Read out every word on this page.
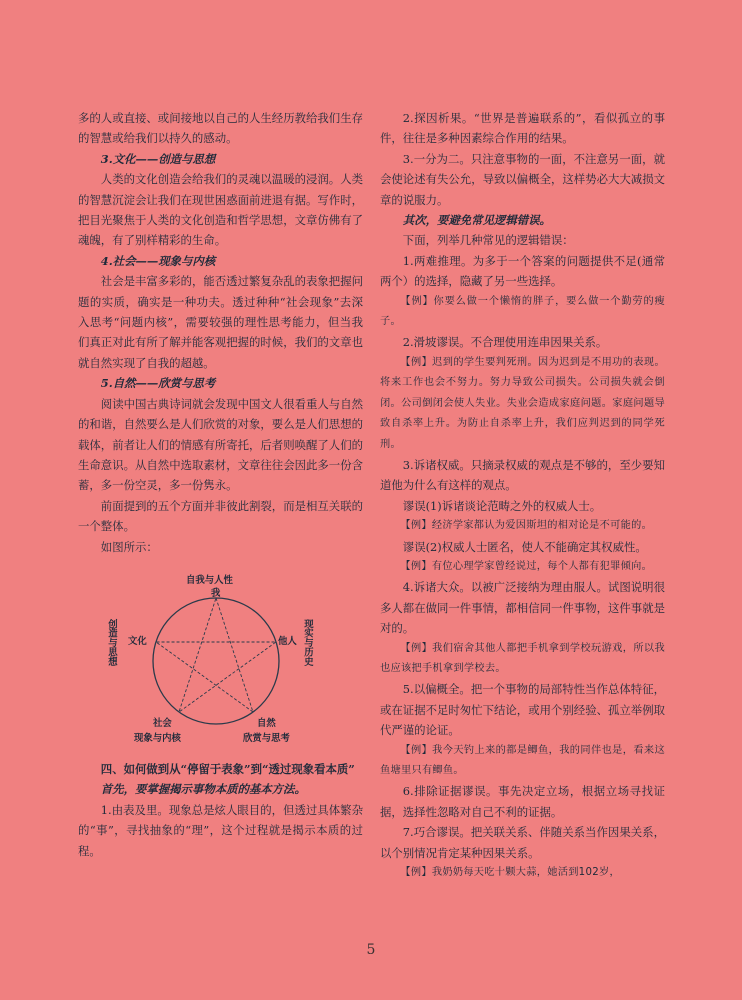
多的人或直接、或间接地以自己的人生经历教给我们生存的智慧或给我们以持久的感动。

3.文化——创造与思想

人类的文化创造会给我们的灵魂以温暖的浸润。人类的智慧沉淀会让我们在现世困惑面前进退有据。写作时，把目光聚焦于人类的文化创造和哲学思想，文章仿佛有了魂魄，有了别样精彩的生命。

4.社会——现象与内核

社会是丰富多彩的，能否透过繁复杂乱的表象把握问题的实质，确实是一种功夫。透过种种“社会现象”去深入思考“问题内核”，需要较强的理性思考能力，但当我们真正对此有所了解并能客观把握的时候，我们的文章也就自然实现了自我的超越。

5.自然——欣赏与思考

阅读中国古典诗词就会发现中国文人很看重人与自然的和谐，自然要么是人们欣赏的对象，要么是人们思想的载体，前者让人们的情感有所寄托，后者则唤醒了人们的生命意识。从自然中选取素材，文章往往会因此多一份含蓄，多一份空灵，多一份隽永。

前面提到的五个方面并非彼此割裂，而是相互关联的一个整体。

如图所示：

自我与人性
我
他人 现实与历史
文化
创造与思想
社会
现象与内核
自然
欣赏与思考

四、如何做到从“停留于表象”到“透过现象看本质”

首先，要掌握揭示事物本质的基本方法。

1.由表及里。现象总是炫人眼目的，但透过具体繁杂的“事”，寻找抽象的“理”，这个过程就是揭示本质的过程。

2.探因析果。“世界是普遍联系的”，看似孤立的事件，往往是多种因素综合作用的结果。

3.一分为二。只注意事物的一面，不注意另一面，就会使论述有失公允，导致以偏概全，这样势必大大减损文章的说服力。

其次，要避免常见逻辑错误。

下面，列举几种常见的逻辑错误：

1.两难推理。为多于一个答案的问题提供不足(通常两个）的选择，隐藏了另一些选择。

【例】你要么做一个懒惰的胖子，要么做一个勤劳的瘦子。

2.滑坡谬误。不合理使用连串因果关系。

【例】迟到的学生要判死刑。因为迟到是不用功的表现。将来工作也会不努力。努力导致公司损失。公司损失就会倒闭。公司倒闭会使人失业。失业会造成家庭问题。家庭问题导致自杀率上升。为防止自杀率上升，我们应判迟到的同学死刑。

3.诉诸权威。只摘录权威的观点是不够的，至少要知道他为什么有这样的观点。

谬误(1)诉诸谈论范畴之外的权威人士。

【例】经济学家都认为爱因斯坦的相对论是不可能的。

谬误(2)权威人士匿名，使人不能确定其权威性。

【例】有位心理学家曾经说过，每个人都有犯罪倾向。

4.诉诸大众。以被广泛接纳为理由服人。试图说明很多人都在做同一件事情，都相信同一件事物，这件事就是对的。

【例】我们宿舍其他人都把手机拿到学校玩游戏，所以我也应该把手机拿到学校去。

5.以偏概全。把一个事物的局部特性当作总体特征，或在证据不足时匆忙下结论，或用个别经验、孤立举例取代严谨的论证。

【例】我今天钓上来的都是鲫鱼，我的同伴也是，看来这鱼塘里只有鲫鱼。

6.排除证据谬误。事先决定立场，根据立场寻找证据，选择性忽略对自己不利的证据。

7.巧合谬误。把关联关系、伴随关系当作因果关系，以个别情况肯定某种因果关系。

【例】我奶奶每天吃十颗大蒜，她活到102岁，

5
